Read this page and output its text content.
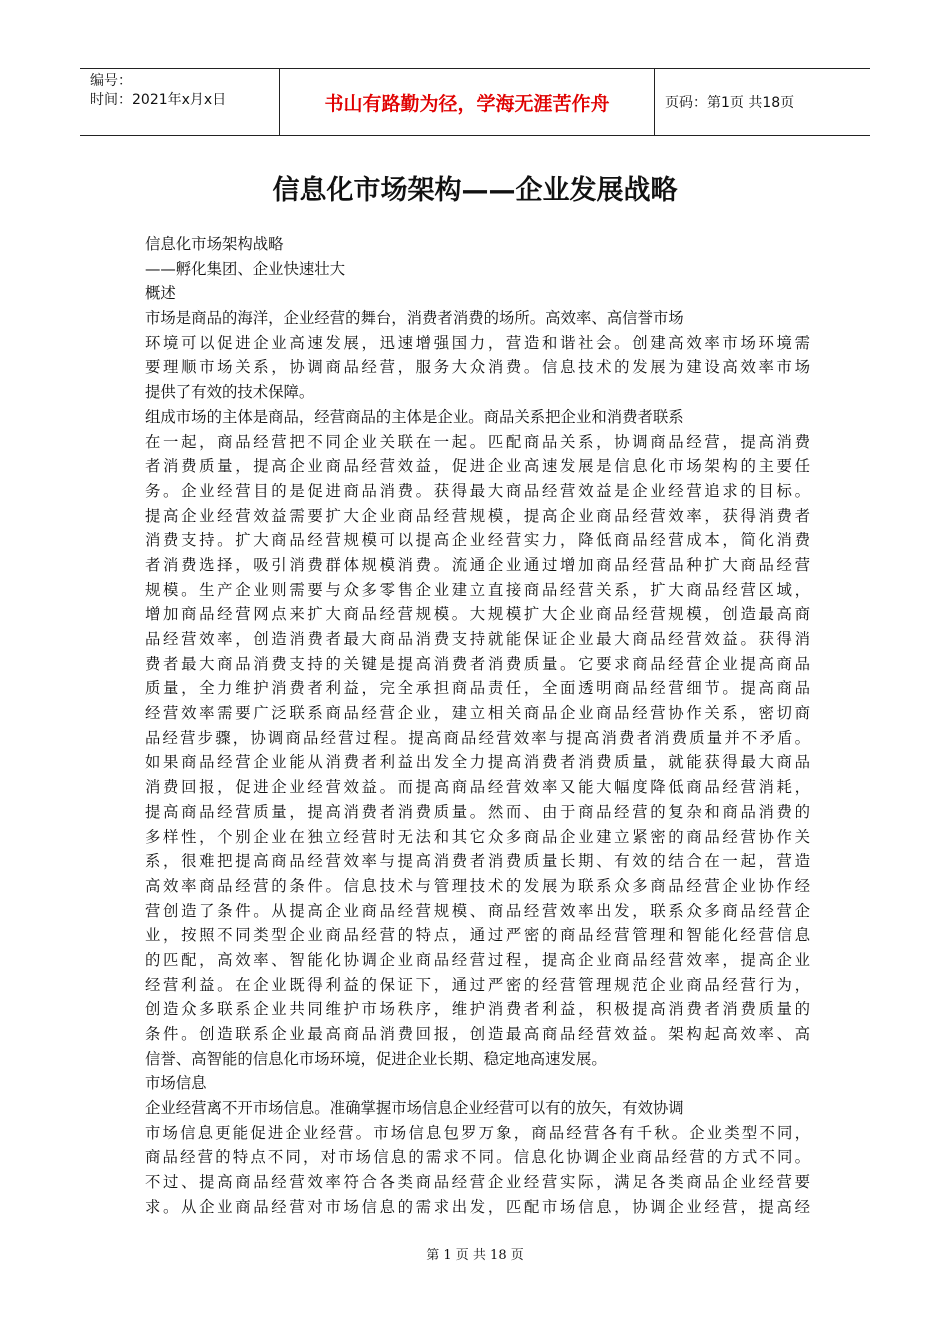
编号：
时间：2021年x月x日	书山有路勤为径，学海无涯苦作舟	页码：第1页 共18页
信息化市场架构——企业发展战略

信息化市场架构战略

——孵化集团、企业快速壮大

概述

市场是商品的海洋，企业经营的舞台，消费者消费的场所。高效率、高信誉市场

环境可以促进企业高速发展，迅速增强国力，营造和谐社会。创建高效率市场环境需

要理顺市场关系，协调商品经营，服务大众消费。信息技术的发展为建设高效率市场

提供了有效的技术保障。

组成市场的主体是商品，经营商品的主体是企业。商品关系把企业和消费者联系

在一起，商品经营把不同企业关联在一起。匹配商品关系，协调商品经营，提高消费

者消费质量，提高企业商品经营效益，促进企业高速发展是信息化市场架构的主要任

务。企业经营目的是促进商品消费。获得最大商品经营效益是企业经营追求的目标。

提高企业经营效益需要扩大企业商品经营规模，提高企业商品经营效率，获得消费者

消费支持。扩大商品经营规模可以提高企业经营实力，降低商品经营成本，简化消费

者消费选择，吸引消费群体规模消费。流通企业通过增加商品经营品种扩大商品经营

规模。生产企业则需要与众多零售企业建立直接商品经营关系，扩大商品经营区域，

增加商品经营网点来扩大商品经营规模。大规模扩大企业商品经营规模，创造最高商

品经营效率，创造消费者最大商品消费支持就能保证企业最大商品经营效益。获得消

费者最大商品消费支持的关键是提高消费者消费质量。它要求商品经营企业提高商品

质量，全力维护消费者利益，完全承担商品责任，全面透明商品经营细节。提高商品

经营效率需要广泛联系商品经营企业，建立相关商品企业商品经营协作关系，密切商

品经营步骤，协调商品经营过程。提高商品经营效率与提高消费者消费质量并不矛盾。

如果商品经营企业能从消费者利益出发全力提高消费者消费质量，就能获得最大商品

消费回报，促进企业经营效益。而提高商品经营效率又能大幅度降低商品经营消耗，

提高商品经营质量，提高消费者消费质量。然而、由于商品经营的复杂和商品消费的

多样性，个别企业在独立经营时无法和其它众多商品企业建立紧密的商品经营协作关

系，很难把提高商品经营效率与提高消费者消费质量长期、有效的结合在一起，营造

高效率商品经营的条件。信息技术与管理技术的发展为联系众多商品经营企业协作经

营创造了条件。从提高企业商品经营规模、商品经营效率出发，联系众多商品经营企

业，按照不同类型企业商品经营的特点，通过严密的商品经营管理和智能化经营信息

的匹配，高效率、智能化协调企业商品经营过程，提高企业商品经营效率，提高企业

经营利益。在企业既得利益的保证下，通过严密的经营管理规范企业商品经营行为，

创造众多联系企业共同维护市场秩序，维护消费者利益，积极提高消费者消费质量的

条件。创造联系企业最高商品消费回报，创造最高商品经营效益。架构起高效率、高

信誉、高智能的信息化市场环境，促进企业长期、稳定地高速发展。

市场信息

企业经营离不开市场信息。准确掌握市场信息企业经营可以有的放矢，有效协调

市场信息更能促进企业经营。市场信息包罗万象，商品经营各有千秋。企业类型不同，

商品经营的特点不同，对市场信息的需求不同。信息化协调企业商品经营的方式不同。

不过、提高商品经营效率符合各类商品经营企业经营实际，满足各类商品企业经营要

求。从企业商品经营对市场信息的需求出发，匹配市场信息，协调企业经营，提高经

第 1 页 共 18 页
